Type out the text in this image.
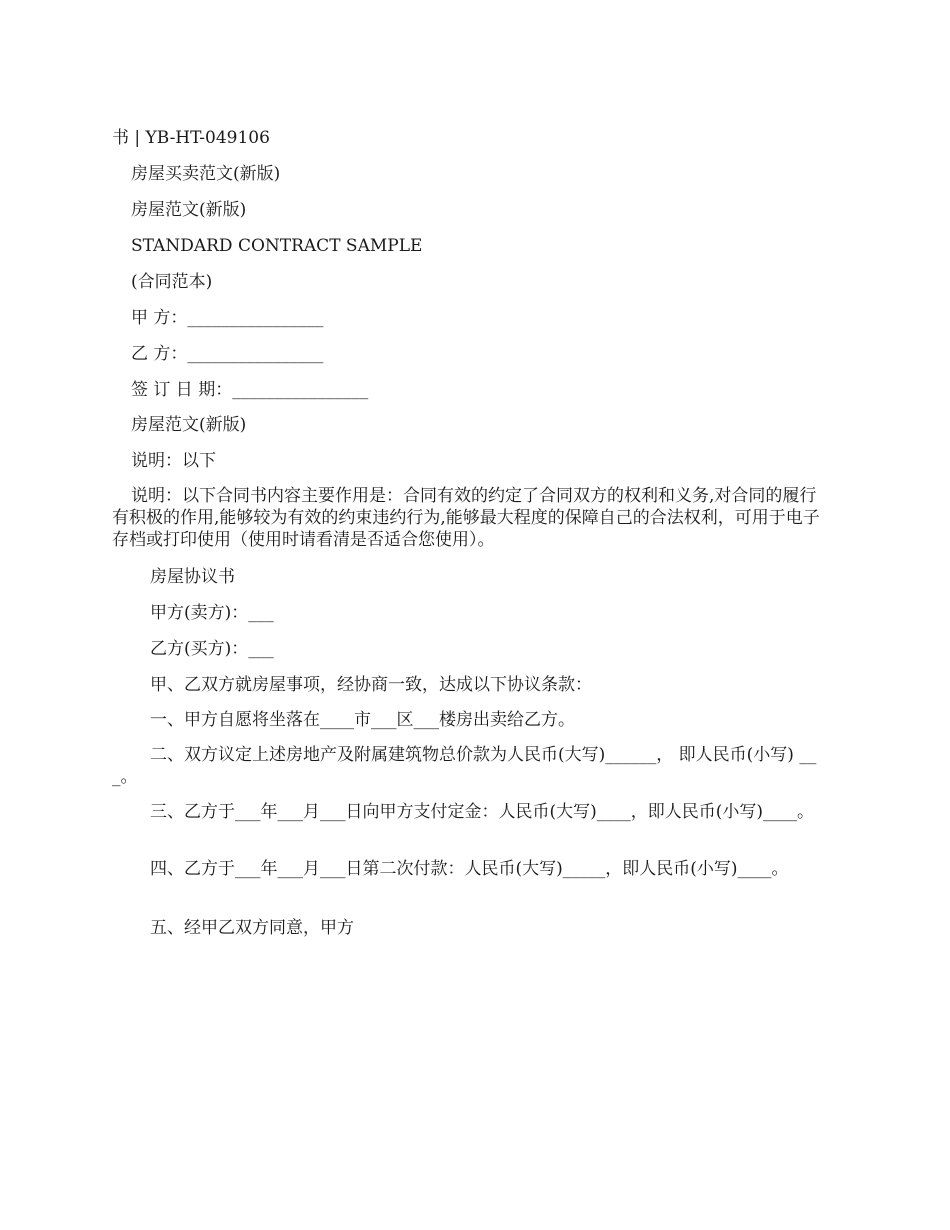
书 | YB-HT-049106
房屋买卖范文(新版)
房屋范文(新版)
STANDARD CONTRACT SAMPLE
(合同范本)
甲 方：________________
乙 方：________________
签 订 日 期：________________
房屋范文(新版)
说明：以下
说明：以下合同书内容主要作用是：合同有效的约定了合同双方的权利和义务,对合同的履行有积极的作用,能够较为有效的约束违约行为,能够最大程度的保障自己的合法权利，可用于电子存档或打印使用（使用时请看清是否适合您使用）。
房屋协议书
甲方(卖方)：___
乙方(买方)：___
甲、乙双方就房屋事项，经协商一致，达成以下协议条款：
一、甲方自愿将坐落在____市___区___楼房出卖给乙方。
二、双方议定上述房地产及附属建筑物总价款为人民币(大写)______， 即人民币(小写) ___。
三、乙方于___年___月___日向甲方支付定金：人民币(大写)____，即人民币(小写)____。
四、乙方于___年___月___日第二次付款：人民币(大写)_____，即人民币(小写)____。
五、经甲乙双方同意，甲方
